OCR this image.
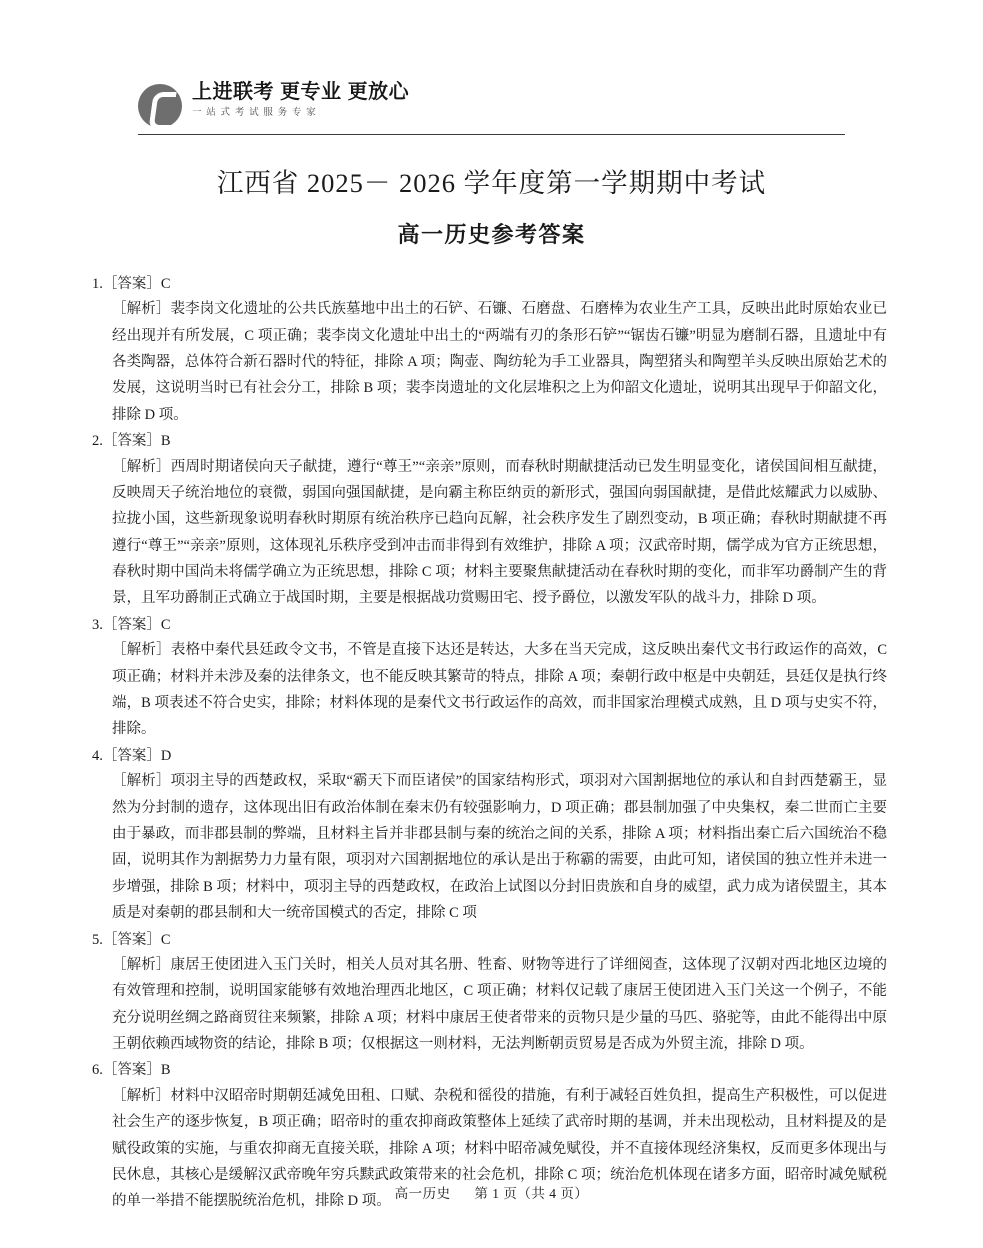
上进联考 更专业 更放心
一 站 式 考 试 服 务 专 家
江西省 2025－ 2026 学年度第一学期期中考试
高一历史参考答案

1.［答案］C

［解析］裴李岗文化遗址的公共氏族墓地中出土的石铲、石镰、石磨盘、石磨棒为农业生产工具，反映出此时原始农业已经出现并有所发展，C 项正确；裴李岗文化遗址中出土的“两端有刃的条形石铲”“锯齿石镰”明显为磨制石器，且遗址中有各类陶器，总体符合新石器时代的特征，排除 A 项；陶壶、陶纺轮为手工业器具，陶塑猪头和陶塑羊头反映出原始艺术的发展，这说明当时已有社会分工，排除 B 项；裴李岗遗址的文化层堆积之上为仰韶文化遗址，说明其出现早于仰韶文化，排除 D 项。

2.［答案］B

［解析］西周时期诸侯向天子献捷，遵行“尊王”“亲亲”原则，而春秋时期献捷活动已发生明显变化，诸侯国间相互献捷，反映周天子统治地位的衰微，弱国向强国献捷，是向霸主称臣纳贡的新形式，强国向弱国献捷，是借此炫耀武力以威胁、拉拢小国，这些新现象说明春秋时期原有统治秩序已趋向瓦解，社会秩序发生了剧烈变动，B 项正确；春秋时期献捷不再遵行“尊王”“亲亲”原则，这体现礼乐秩序受到冲击而非得到有效维护，排除 A 项；汉武帝时期，儒学成为官方正统思想，春秋时期中国尚未将儒学确立为正统思想，排除 C 项；材料主要聚焦献捷活动在春秋时期的变化，而非军功爵制产生的背景，且军功爵制正式确立于战国时期，主要是根据战功赏赐田宅、授予爵位，以激发军队的战斗力，排除 D 项。

3.［答案］C

［解析］表格中秦代县廷政令文书，不管是直接下达还是转达，大多在当天完成，这反映出秦代文书行政运作的高效，C 项正确；材料并未涉及秦的法律条文，也不能反映其繁苛的特点，排除 A 项；秦朝行政中枢是中央朝廷，县廷仅是执行终端，B 项表述不符合史实，排除；材料体现的是秦代文书行政运作的高效，而非国家治理模式成熟，且 D 项与史实不符，排除。

4.［答案］D

［解析］项羽主导的西楚政权，采取“霸天下而臣诸侯”的国家结构形式，项羽对六国割据地位的承认和自封西楚霸王，显然为分封制的遗存，这体现出旧有政治体制在秦末仍有较强影响力，D 项正确；郡县制加强了中央集权，秦二世而亡主要由于暴政，而非郡县制的弊端，且材料主旨并非郡县制与秦的统治之间的关系，排除 A 项；材料指出秦亡后六国统治不稳固，说明其作为割据势力力量有限，项羽对六国割据地位的承认是出于称霸的需要，由此可知，诸侯国的独立性并未进一步增强，排除 B 项；材料中，项羽主导的西楚政权，在政治上试图以分封旧贵族和自身的威望，武力成为诸侯盟主，其本质是对秦朝的郡县制和大一统帝国模式的否定，排除 C 项

5.［答案］C

［解析］康居王使团进入玉门关时，相关人员对其名册、牲畜、财物等进行了详细阅查，这体现了汉朝对西北地区边境的有效管理和控制，说明国家能够有效地治理西北地区，C 项正确；材料仅记载了康居王使团进入玉门关这一个例子，不能充分说明丝绸之路商贸往来频繁，排除 A 项；材料中康居王使者带来的贡物只是少量的马匹、骆驼等，由此不能得出中原王朝依赖西域物资的结论，排除 B 项；仅根据这一则材料，无法判断朝贡贸易是否成为外贸主流，排除 D 项。

6.［答案］B

［解析］材料中汉昭帝时期朝廷减免田租、口赋、杂税和徭役的措施，有利于减轻百姓负担，提高生产积极性，可以促进社会生产的逐步恢复，B 项正确；昭帝时的重农抑商政策整体上延续了武帝时期的基调，并未出现松动，且材料提及的是赋役政策的实施，与重农抑商无直接关联，排除 A 项；材料中昭帝减免赋役，并不直接体现经济集权，反而更多体现出与民休息，其核心是缓解汉武帝晚年穷兵黩武政策带来的社会危机，排除 C 项；统治危机体现在诸多方面，昭帝时减免赋税的单一举措不能摆脱统治危机，排除 D 项。 高一历史 第 1 页（共 4 页）
